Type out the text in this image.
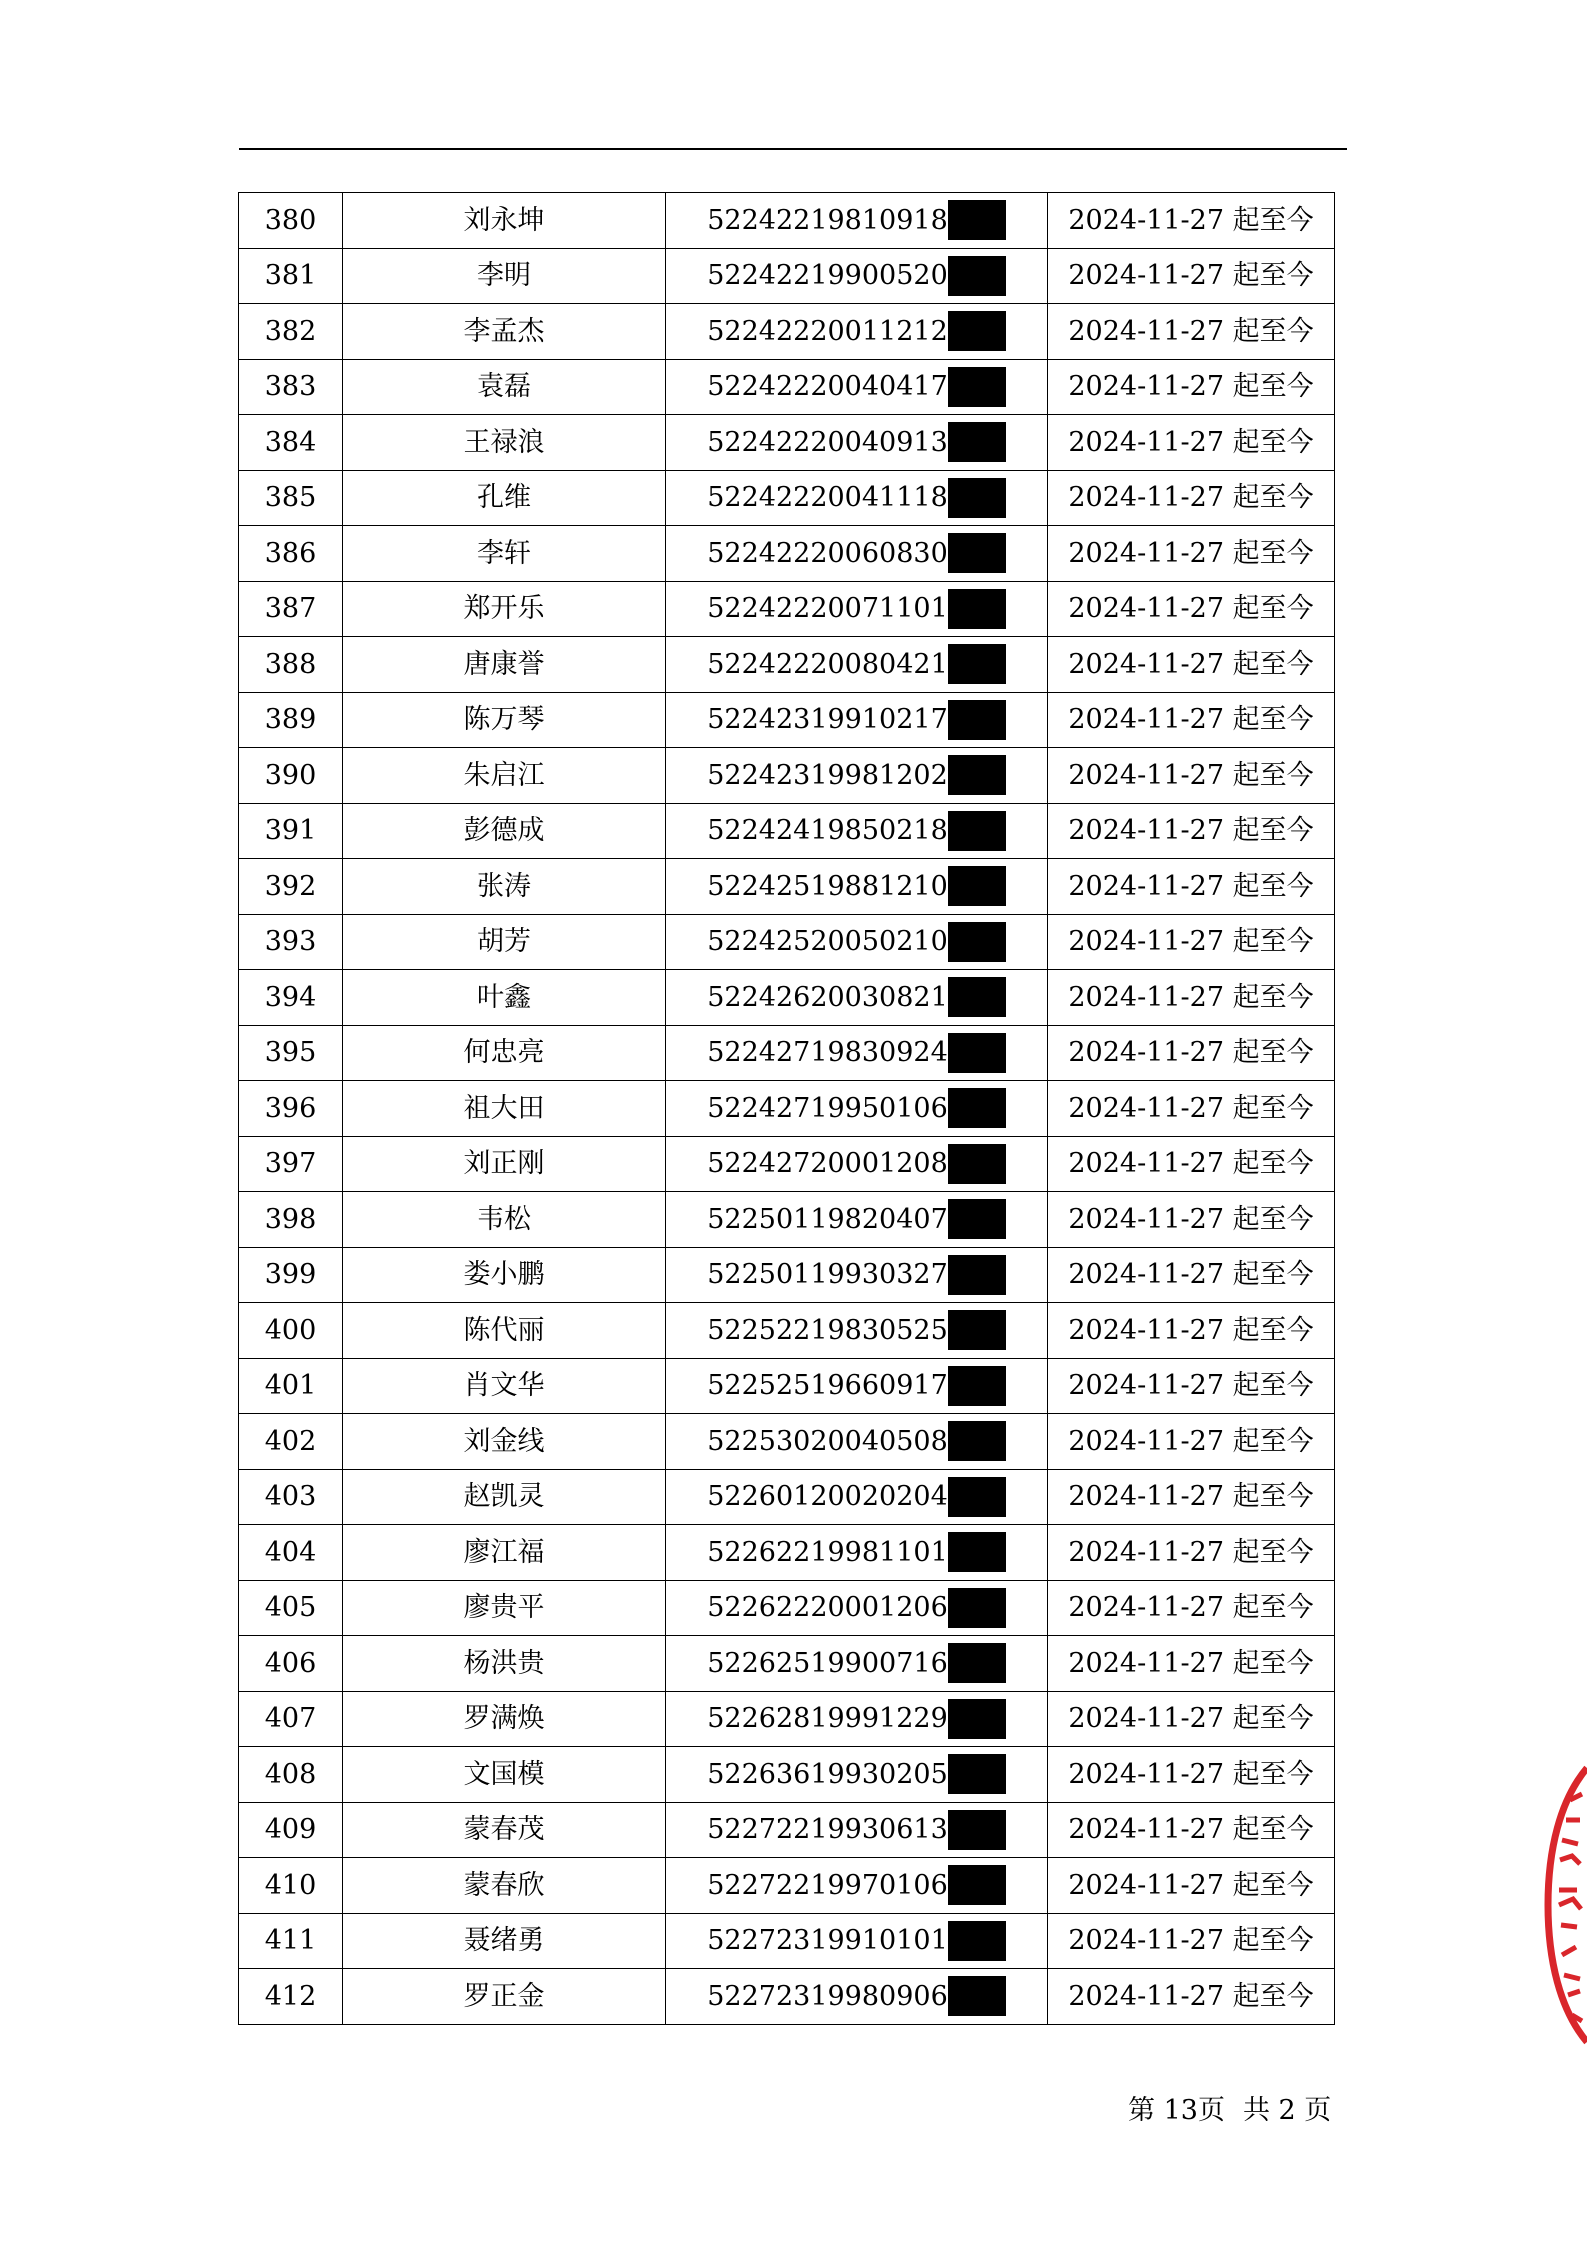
380	刘永坤	52242219810918	2024-11-27 起至今
381	李明	52242219900520	2024-11-27 起至今
382	李孟杰	52242220011212	2024-11-27 起至今
383	袁磊	52242220040417	2024-11-27 起至今
384	王禄浪	52242220040913	2024-11-27 起至今
385	孔维	52242220041118	2024-11-27 起至今
386	李轩	52242220060830	2024-11-27 起至今
387	郑开乐	52242220071101	2024-11-27 起至今
388	唐康誉	52242220080421	2024-11-27 起至今
389	陈万琴	52242319910217	2024-11-27 起至今
390	朱启江	52242319981202	2024-11-27 起至今
391	彭德成	52242419850218	2024-11-27 起至今
392	张涛	52242519881210	2024-11-27 起至今
393	胡芳	52242520050210	2024-11-27 起至今
394	叶鑫	52242620030821	2024-11-27 起至今
395	何忠亮	52242719830924	2024-11-27 起至今
396	祖大田	52242719950106	2024-11-27 起至今
397	刘正刚	52242720001208	2024-11-27 起至今
398	韦松	52250119820407	2024-11-27 起至今
399	娄小鹏	52250119930327	2024-11-27 起至今
400	陈代丽	52252219830525	2024-11-27 起至今
401	肖文华	52252519660917	2024-11-27 起至今
402	刘金线	52253020040508	2024-11-27 起至今
403	赵凯灵	52260120020204	2024-11-27 起至今
404	廖江福	52262219981101	2024-11-27 起至今
405	廖贵平	52262220001206	2024-11-27 起至今
406	杨洪贵	52262519900716	2024-11-27 起至今
407	罗满焕	52262819991229	2024-11-27 起至今
408	文国模	52263619930205	2024-11-27 起至今
409	蒙春茂	52272219930613	2024-11-27 起至今
410	蒙春欣	52272219970106	2024-11-27 起至今
411	聂绪勇	52272319910101	2024-11-27 起至今
412	罗正金	52272319980906	2024-11-27 起至今
第 13页 共 2 页
